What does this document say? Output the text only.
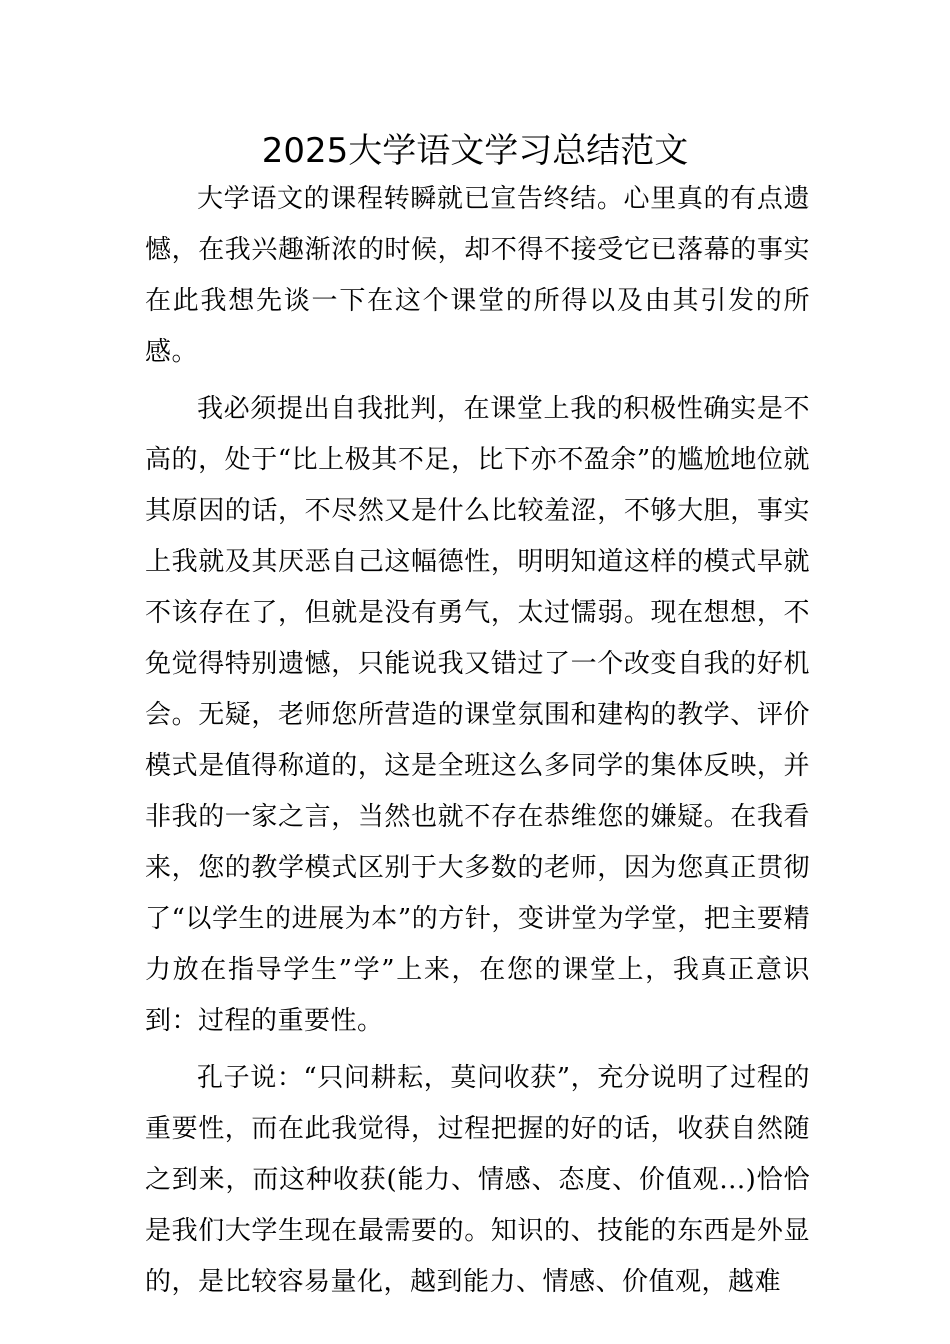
2025大学语文学习总结范文

大学语文的课程转瞬就已宣告终结。心里真的有点遗憾，在我兴趣渐浓的时候，却不得不接受它已落幕的事实在此我想先谈一下在这个课堂的所得以及由其引发的所感。

我必须提出自我批判，在课堂上我的积极性确实是不高的，处于“比上极其不足，比下亦不盈余”的尴尬地位就其原因的话，不尽然又是什么比较羞涩，不够大胆，事实上我就及其厌恶自己这幅德性，明明知道这样的模式早就不该存在了，但就是没有勇气，太过懦弱。现在想想，不免觉得特别遗憾，只能说我又错过了一个改变自我的好机会。无疑，老师您所营造的课堂氛围和建构的教学、评价模式是值得称道的，这是全班这么多同学的集体反映，并非我的一家之言，当然也就不存在恭维您的嫌疑。在我看来，您的教学模式区别于大多数的老师，因为您真正贯彻了“以学生的进展为本”的方针，变讲堂为学堂，把主要精力放在指导学生”学”上来，在您的课堂上，我真正意识到：过程的重要性。

孔子说：“只问耕耘，莫问收获”，充分说明了过程的重要性，而在此我觉得，过程把握的好的话，收获自然随之到来，而这种收获(能力、情感、态度、价值观...)恰恰是我们大学生现在最需要的。知识的、技能的东西是外显的，是比较容易量化，越到能力、情感、价值观，越难
